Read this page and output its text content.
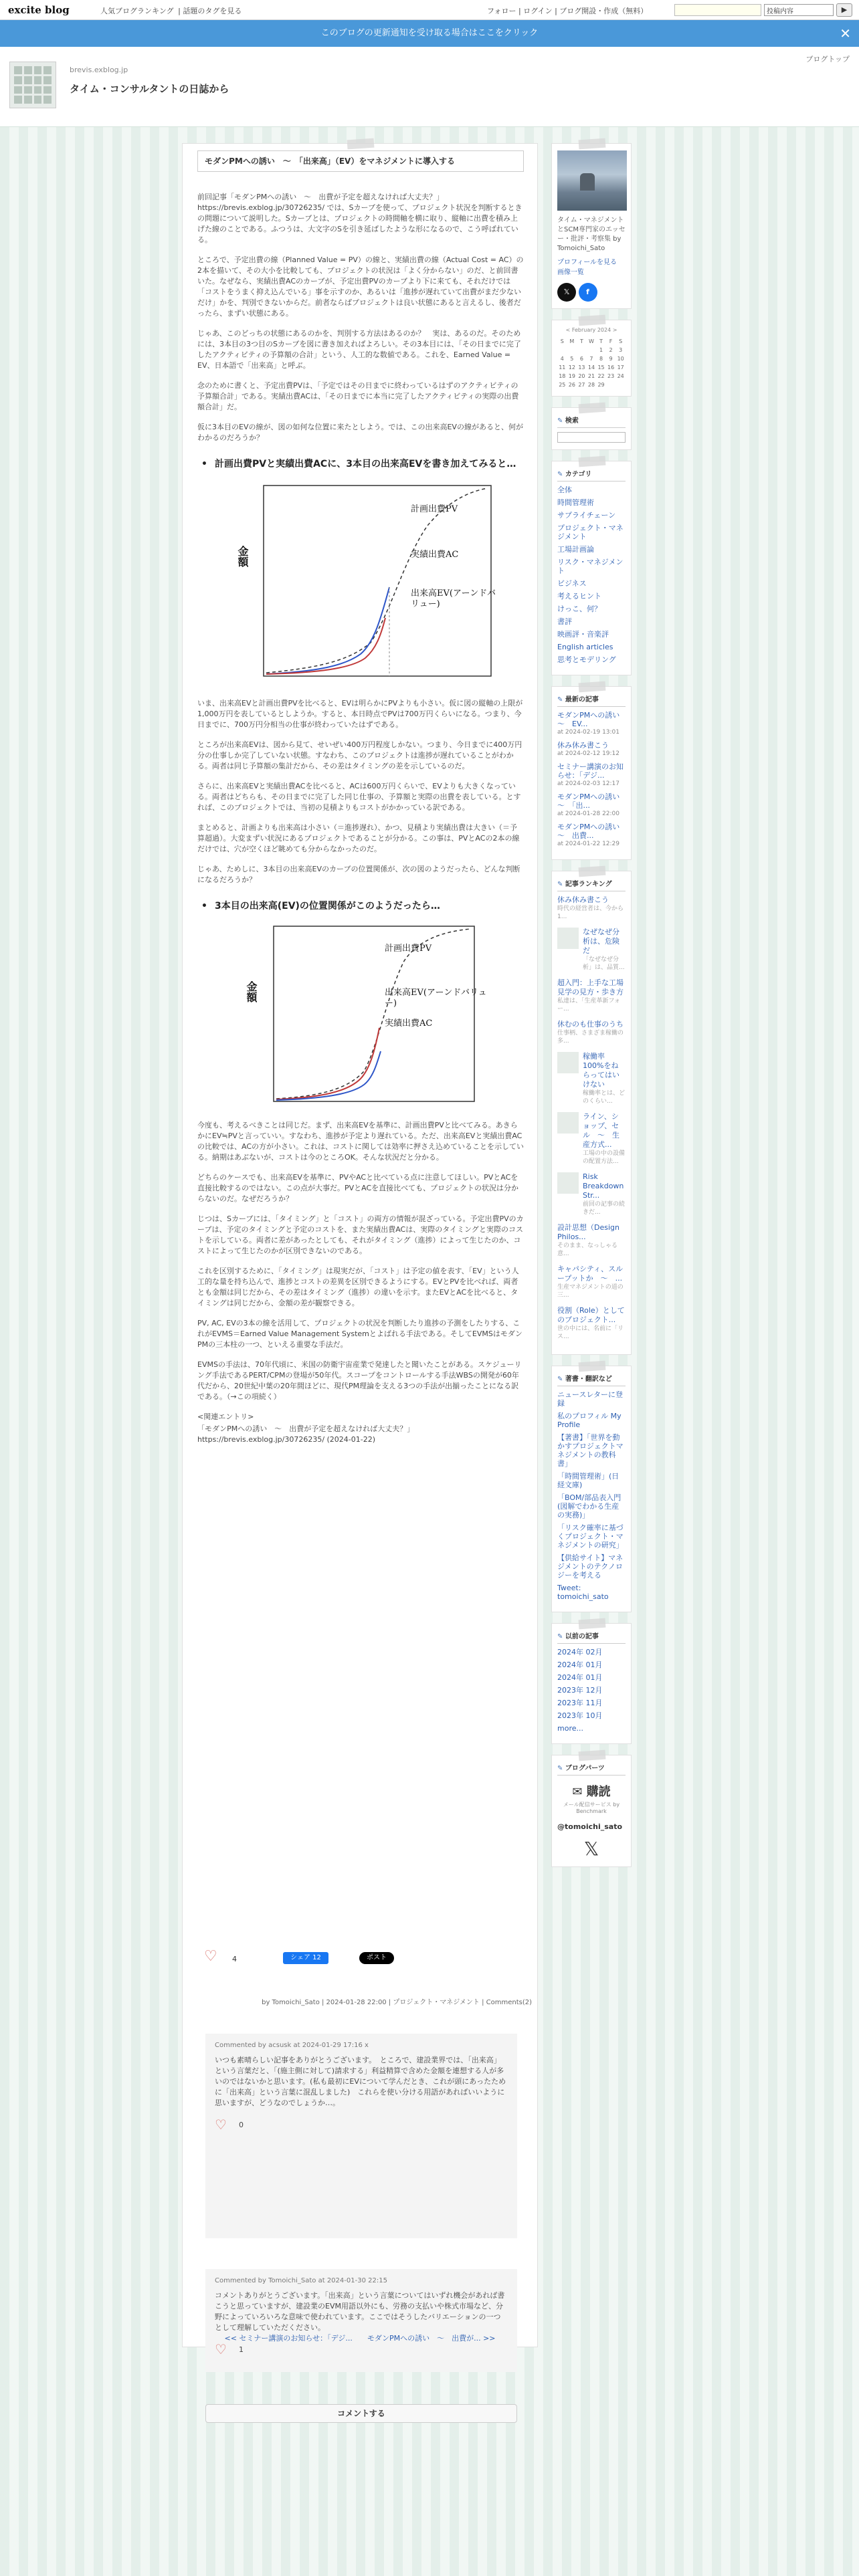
excite blog	人気ブログランキング | 話題のタグを見る	フォロー | ログイン | ブログ開設・作成（無料）	投稿内容	▶
このブログの更新通知を受け取る場合はここをクリック	✕
ブログトップ
brevis.exblog.jp
タイム・コンサルタントの日誌から
モダンPMへの誘い　～　「出来高」（EV）をマネジメントに導入する

前回記事「モダンPMへの誘い　～　出費が予定を超えなければ大丈夫？」https://brevis.exblog.jp/30726235/ では、Sカーブを使って、プロジェクト状況を判断するときの問題について説明した。Sカーブとは、プロジェクトの時間軸を横に取り、縦軸に出費を積み上げた線のことである。ふつうは、大文字のSを引き延ばしたような形になるので、こう呼ばれている。

ところで、予定出費の線（Planned Value = PV）の線と、実績出費の線（Actual Cost = AC）の2本を描いて、その大小を比較しても、プロジェクトの状況は「よく分からない」のだ、と前回書いた。なぜなら、実績出費ACのカーブが、予定出費PVのカーブより下に来ても、それだけでは「コストをうまく抑え込んでいる」事を示すのか、あるいは「進捗が遅れていて出費がまだ少ないだけ」かを、判別できないからだ。前者ならばプロジェクトは良い状態にあると言えるし、後者だったら、まずい状態にある。

じゃあ、このどっちの状態にあるのかを、判別する方法はあるのか？　実は、あるのだ。そのためには、3本目の3つ目のSカーブを図に書き加えればよろしい。その3本目には、「その日までに完了したアクティビティの予算額の合計」という、人工的な数値である。これを、Earned Value = EV、日本語で「出来高」と呼ぶ。

念のために書くと、予定出費PVは、「予定ではその日までに終わっているはずのアクティビティの予算額合計」である。実績出費ACは、「その日までに本当に完了したアクティビティの実際の出費額合計」だ。

仮に3本目のEVの線が、図の如何な位置に来たとしよう。では、この出来高EVの線があると、何がわかるのだろうか？

• 計画出費PVと実績出費ACに、3本目の出来高EVを書き加えてみると…
金額
計画出費PV
実績出費AC
出来高EV(アーンドバリュー)

いま、出来高EVと計画出費PVを比べると、EVは明らかにPVよりも小さい。仮に図の縦軸の上限が1,000万円を表しているとしようか。すると、本日時点でPVは700万円くらいになる。つまり、今日までに、700万円分相当の仕事が終わっていたはずである。

ところが出来高EVは、図から見て、せいぜい400万円程度しかない。つまり、今日までに400万円分の仕事しか完了していない状態。すなわち、このプロジェクトは進捗が遅れていることがわかる。両者は同じ予算額の集計だから、その差はタイミングの差を示しているのだ。

さらに、出来高EVと実績出費ACを比べると、ACは600万円くらいで、EVよりも大きくなっている。両者はどちらも、その日までに完了した同じ仕事の、予算額と実際の出費を表している。とすれば、このプロジェクトでは、当初の見積よりもコストがかかっている訳である。

まとめると、計画よりも出来高は小さい（＝進捗遅れ）、かつ、見積より実績出費は大きい（＝予算超過）。大変まずい状況にあるプロジェクトであることが分かる。この事は、PVとACの2本の線だけでは、穴が空くほど眺めても分からなかったのだ。

じゃあ、ためしに、3本目の出来高EVのカーブの位置関係が、次の図のようだったら、どんな判断になるだろうか？

• 3本目の出来高(EV)の位置関係がこのようだったら…
金額
計画出費PV
出来高EV(アーンドバリュー)
実績出費AC

今度も、考えるべきことは同じだ。まず、出来高EVを基準に、計画出費PVと比べてみる。あきらかにEV≒PVと言っていい。すなわち、進捗が予定より遅れている。ただ、出来高EVと実績出費ACの比較では、ACの方が小さい。これは、コストに関しては効率に押さえ込めていることを示している。納期はあぶないが、コストは今のところOK。そんな状況だと分かる。

どちらのケースでも、出来高EVを基準に、PVやACと比べている点に注意してほしい。PVとACを直接比較するのではない。この点が大事だ。PVとACを直接比べても、プロジェクトの状況は分からないのだ。なぜだろうか？

じつは、Sカーブには、「タイミング」と「コスト」の両方の情報が混ざっている。予定出費PVのカーブは、予定のタイミングと予定のコストを、また実績出費ACは、実際のタイミングと実際のコストを示している。両者に差があったとしても、それがタイミング（進捗）によって生じたのか、コストによって生じたのかが区別できないのである。

これを区別するために、「タイミング」は現実だが、「コスト」は予定の値を表す、「EV」という人工的な量を持ち込んで、進捗とコストの差異を区別できるようにする。EVとPVを比べれば、両者とも金額は同じだから、その差はタイミング（進捗）の違いを示す。またEVとACを比べると、タイミングは同じだから、金額の差が観察できる。

PV, AC, EVの3本の線を活用して、プロジェクトの状況を判断したり進捗の予測をしたりする、これがEVMS＝Earned Value Management Systemとよばれる手法である。そしてEVMSはモダンPMの三本柱の一つ、といえる重要な手法だ。

EVMSの手法は、70年代頃に、米国の防衛宇宙産業で発達したと聞いたことがある。スケジューリング手法であるPERT/CPMの登場が50年代。スコープをコントロールする手法WBSの開発が60年代だから、20世紀中葉の20年間ほどに、現代PM理論を支える3つの手法が出揃ったことになる訳である。（→この項続く）

<関連エントリ>

「モダンPMへの誘い　～　出費が予定を超えなければ大丈夫？」https://brevis.exblog.jp/30726235/ (2024-01-22)

♡ 4	シェア 12	ポスト
by Tomoichi_Sato | 2024-01-28 22:00 | プロジェクト・マネジメント | Comments(2)
Commented by acsusk at 2024-01-29 17:16 x
いつも素晴らしい記事をありがとうございます。　ところで、建設業界では、「出来高」という言葉だと、「(施主側に対して)請求する」利益精算で含めた金額を連想する人が多いのではないかと思います。(私も最初にEVについて学んだとき、これが頭にあったために「出来高」という言葉に混乱しました)　これらを使い分ける用語があればいいように思いますが、どうなのでしょうか…。
♡ 0
Commented by Tomoichi_Sato at 2024-01-30 22:15
コメントありがとうございます。「出来高」という言葉についてはいずれ機会があれば書こうと思っていますが、建設業のEVM用語以外にも、労務の支払いや株式市場など、分野によっていろいろな意味で使われています。ここではそうしたバリエーションの一つとして理解していただください。
♡ 1
コメントする
<< セミナー講演のお知らせ：「デジ...　　モダンPMへの誘い　～　出費が... >>
タイム・マネジメントとSCM専門家のエッセー・批評・考察集 by Tomoichi_Sato
プロフィールを見る
画像一覧
𝕏 f
< February 2024 >
S	M	T	W	T	F	S
				1	2	3
4	5	6	7	8	9	10
11	12	13	14	15	16	17
18	19	20	21	22	23	24
25	26	27	28	29		
✎ 検索
✎ カテゴリ
全体
時間管理術
サプライチェーン
プロジェクト・マネジメント
工場計画論
リスク・マネジメント
ビジネス
考えるヒント
けっこ、何？
書評
映画評・音楽評
English articles
思考とモデリング
✎ 最新の記事
モダンPMへの誘い　～　EV...
at 2024-02-19 13:01
休み休み書こう
at 2024-02-12 19:12
セミナー講演のお知らせ：「デジ...
at 2024-02-03 12:17
モダンPMへの誘い　～　「出...
at 2024-01-28 22:00
モダンPMへの誘い　～　出費...
at 2024-01-22 12:29
✎ 記事ランキング
休み休み書こう
時代の経営者は、今から1...
なぜなぜ分析は、危険だ
「なぜなぜ分析」は、品質...
超入門：上手な工場見学の見方・歩き方
私達は、「生産革新フォー...
休むのも仕事のうち
仕事柄、さまざま稼働の多...
稼働率100%をねらってはいけない
稼働率とは、どのくらい...
ライン、ショップ、セル　～　生産方式...
工場の中の設備の配置方法...
Risk Breakdown Str...
前回の記事の続きだ...
設計思想（Design Philos...
そのまま、なっしゃる意...
キャパシティ、スループットか　～　...
生産マネジメントの道の三...
役割（Role）としてのプロジェクト...
世の中には、名前に「リス...
✎ 著書・翻訳など
ニュースレターに登録
私のプロフィル My Profile
【著書】「世界を動かすプロジェクトマネジメントの教科書」
「時間管理術」(日経文庫)
「BOM/部品表入門(図解でわかる生産の実務)」
「リスク確率に基づくプロジェクト・マネジメントの研究」
【供給サイト】マネジメントのテクノロジーを考える
Tweet: tomoichi_sato
✎ 以前の記事
2024年 02月
2024年 01月
2024年 01月
2023年 12月
2023年 11月
2023年 10月
more...
✎ ブログパーツ
✉ 購読
メール配信サービス by Benchmark
@tomoichi_sato
𝕏
